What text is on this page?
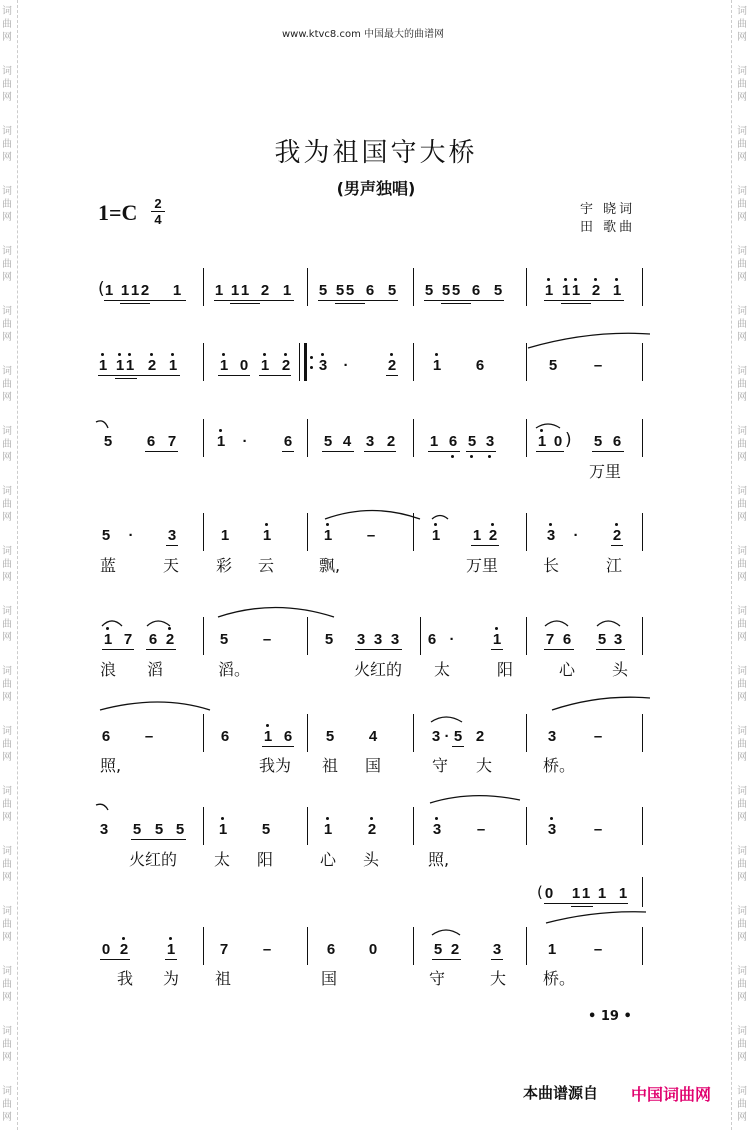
词
曲
网
词
曲
网
词
曲
网
词
曲
网
词
曲
网
词
曲
网
词
曲
网
词
曲
网
词
曲
网
词
曲
网
词
曲
网
词
曲
网
词
曲
网
词
曲
网
词
曲
网
词
曲
网
词
曲
网
词
曲
网
词
曲
网
词
曲
网
词
曲
网
词
曲
网
词
曲
网
词
曲
网
词
曲
网
词
曲
网
词
曲
网
词
曲
网
词
曲
网
词
曲
网
词
曲
网
词
曲
网
词
曲
网
词
曲
网
词
曲
网
词
曲
网
词
曲
网
词
曲
网
www.ktvc8.com 中国最大的曲谱网
我为祖国守大桥
(男声独唱)
1=C 2
4
宇 晓词
田 歌曲
( 1 1 1 2 1 1 1 1 2 1 5 5 5 6 5 5 5 5 6 5	1 1 1 2 1
1 1 1 2 1	1 0 1 2 3 ·	2 1 6	5 –
5 6 7	1 · 6 5 4 3 2 1 6 5 3	1 0 ) 5 6
万里
5 · 3	1 1	1 –	1 1 2	3 · 2
蓝	天 彩 云	飘,	万里	长	江
1 7 6 2	5 –	5 3 3 3 6 ·	1	7 6 5 3
浪 滔	滔。	火红的 太	阳	心 头
6 –	6 1 6 5 4	3 · 5 2	3	–
照,	我为 祖 国	守 大	桥。
3 5 5 5 1 5	1 2	3 –	3	–
火红的 太 阳	心 头	照,
( 0 1 1 1 1
0 2	1	7 –	6 0	5 2 3	1	–
我 为 祖	国	守	大 桥。
• 19 •
本曲谱源自 中国词曲网
